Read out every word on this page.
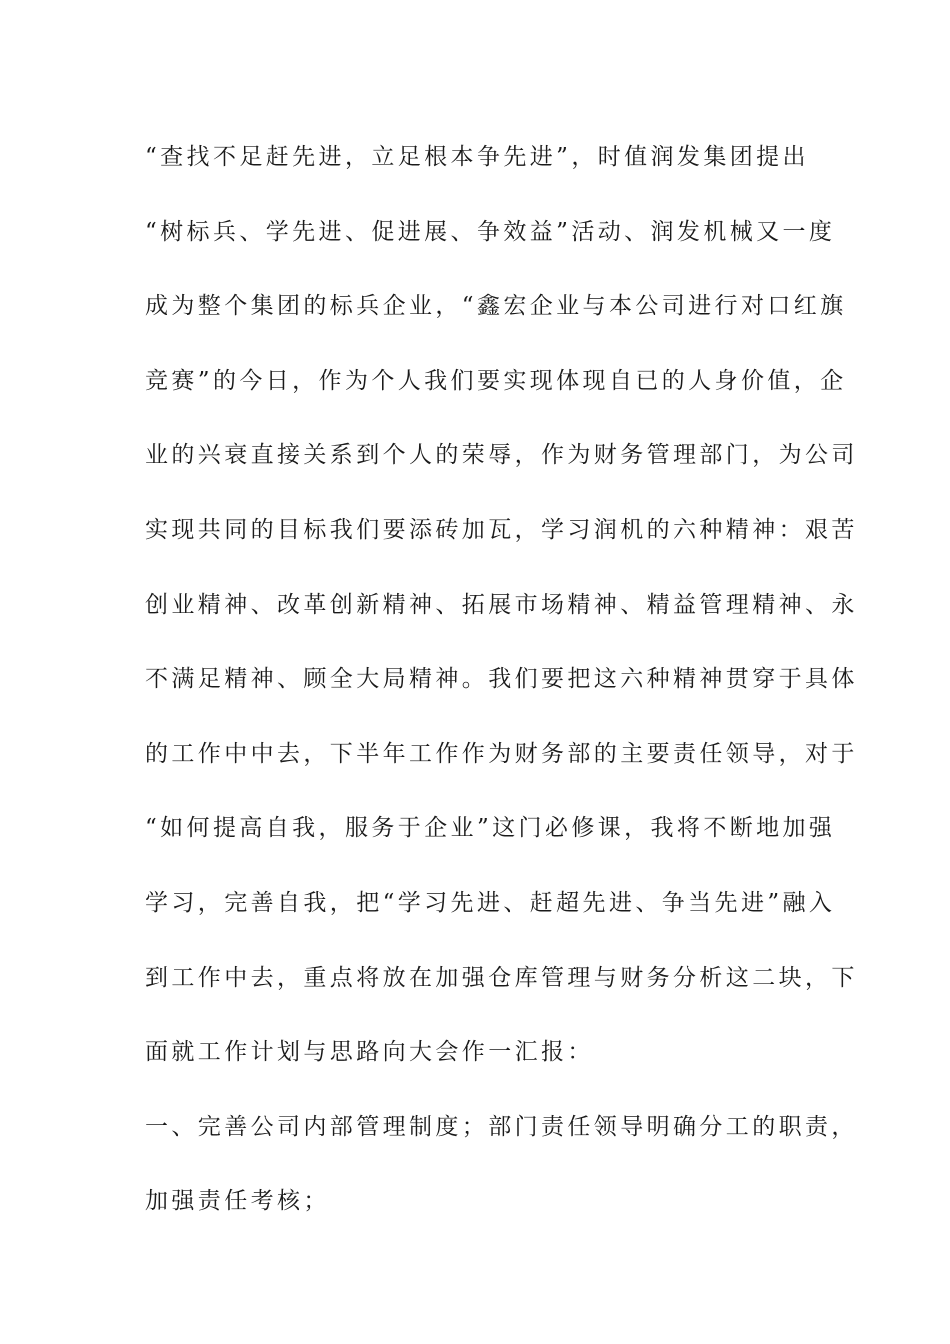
“查找不足赶先进，立足根本争先进”，时值润发集团提出
“树标兵、学先进、促进展、争效益”活动、润发机械又一度
成为整个集团的标兵企业，“鑫宏企业与本公司进行对口红旗
竞赛”的今日，作为个人我们要实现体现自已的人身价值，企
业的兴衰直接关系到个人的荣辱，作为财务管理部门，为公司
实现共同的目标我们要添砖加瓦，学习润机的六种精神：艰苦
创业精神、改革创新精神、拓展市场精神、精益管理精神、永
不满足精神、顾全大局精神。我们要把这六种精神贯穿于具体
的工作中中去，下半年工作作为财务部的主要责任领导，对于
“如何提高自我，服务于企业”这门必修课，我将不断地加强
学习，完善自我，把“学习先进、赶超先进、争当先进”融入
到工作中去，重点将放在加强仓库管理与财务分析这二块，下
面就工作计划与思路向大会作一汇报：
一、完善公司内部管理制度；部门责任领导明确分工的职责，
加强责任考核；
